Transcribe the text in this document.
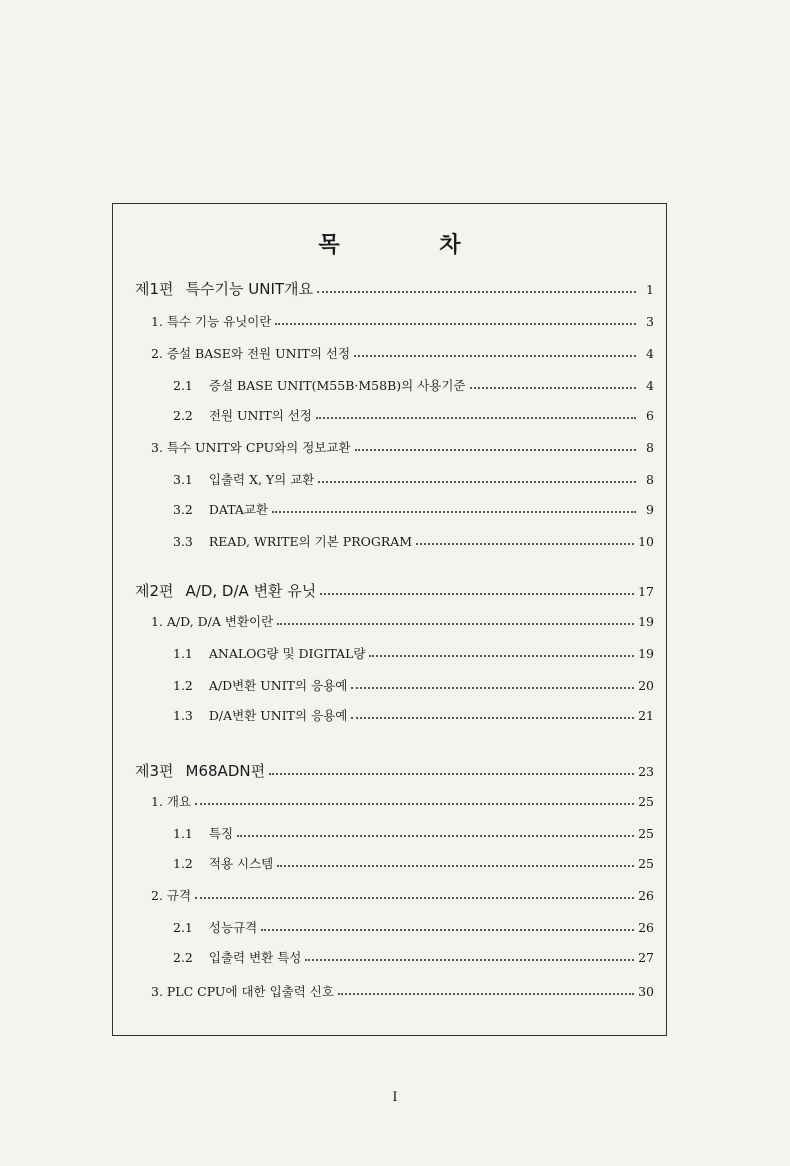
목 차
제1편 특수기능 UNIT개요	1
1. 특수 기능 유닛이란	3
2. 증설 BASE와 전원 UNIT의 선정	4
2.1 증설 BASE UNIT(M55B·M58B)의 사용기준	4
2.2 전원 UNIT의 선정	6
3. 특수 UNIT와 CPU와의 정보교환	8
3.1 입출력 X, Y의 교환	8
3.2 DATA교환	9
3.3 READ, WRITE의 기본 PROGRAM	10
제2편 A/D, D/A 변환 유닛	17
1. A/D, D/A 변환이란	19
1.1 ANALOG량 및 DIGITAL량	19
1.2 A/D변환 UNIT의 응용예	20
1.3 D/A변환 UNIT의 응용예	21
제3편 M68ADN편	23
1. 개요	25
1.1 특징	25
1.2 적용 시스템	25
2. 규격	26
2.1 성능규격	26
2.2 입출력 변환 특성	27
3. PLC CPU에 대한 입출력 신호	30
I
